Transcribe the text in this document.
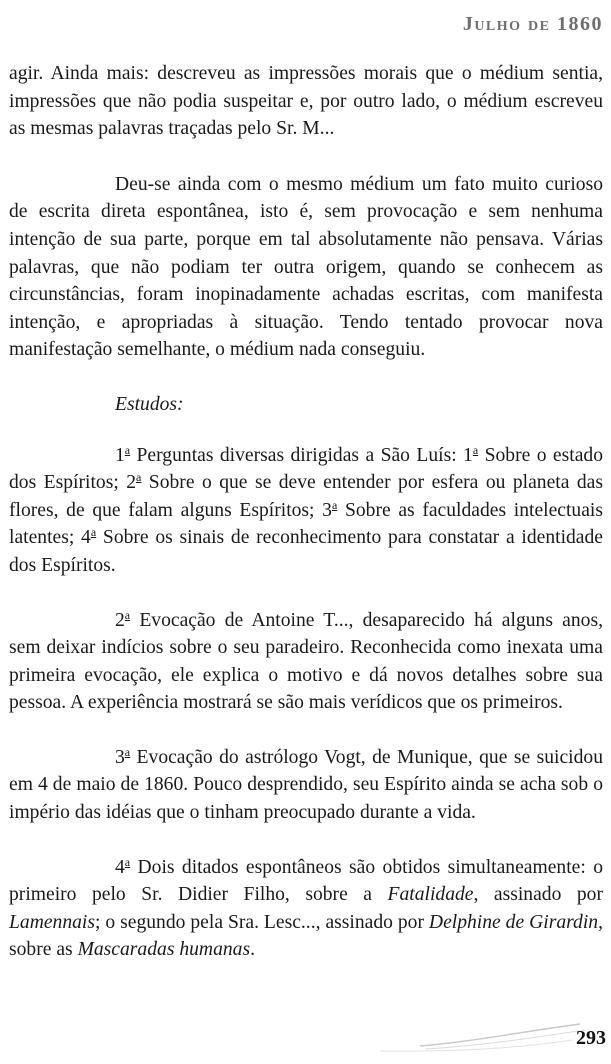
Julho de 1860

agir. Ainda mais: descreveu as impressões morais que o médium sentia, impressões que não podia suspeitar e, por outro lado, o médium escreveu as mesmas palavras traçadas pelo Sr. M...

Deu-se ainda com o mesmo médium um fato muito curioso de escrita direta espontânea, isto é, sem provocação e sem nenhuma intenção de sua parte, porque em tal absolutamente não pensava. Várias palavras, que não podiam ter outra origem, quando se conhecem as circunstâncias, foram inopinadamente achadas escritas, com manifesta intenção, e apropriadas à situação. Tendo tentado provocar nova manifestação semelhante, o médium nada conseguiu.

Estudos:

1$^a$ Perguntas diversas dirigidas a São Luís: 1$^a$ Sobre o estado dos Espíritos; 2$^a$ Sobre o que se deve entender por esfera ou planeta das flores, de que falam alguns Espíritos; 3$^a$ Sobre as faculdades intelectuais latentes; 4$^a$ Sobre os sinais de reconhecimento para constatar a identidade dos Espíritos.

2$^a$ Evocação de Antoine T..., desaparecido há alguns anos, sem deixar indícios sobre o seu paradeiro. Reconhecida como inexata uma primeira evocação, ele explica o motivo e dá novos detalhes sobre sua pessoa. A experiência mostrará se são mais verídicos que os primeiros.

3$^a$ Evocação do astrólogo Vogt, de Munique, que se suicidou em 4 de maio de 1860. Pouco desprendido, seu Espírito ainda se acha sob o império das idéias que o tinham preocupado durante a vida.

4$^a$ Dois ditados espontâneos são obtidos simultaneamente: o primeiro pelo Sr. Didier Filho, sobre a Fatalidade, assinado por Lamennais; o segundo pela Sra. Lesc..., assinado por Delphine de Girardin, sobre as Mascaradas humanas.

293
